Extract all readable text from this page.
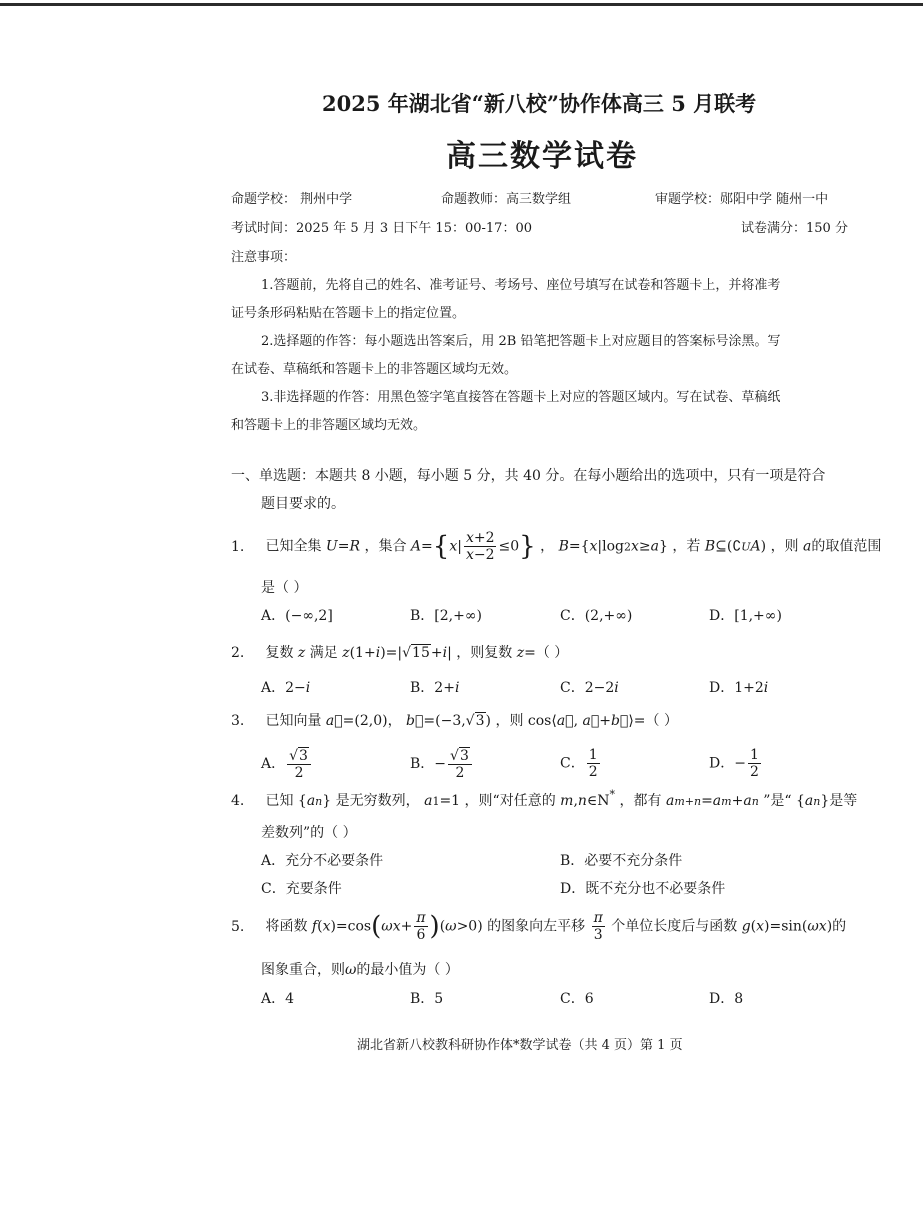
2025 年湖北省“新八校”协作体高三 5 月联考
高三数学试卷
命题学校： 荆州中学	命题教师：高三数学组	审题学校：郧阳中学 随州一中
考试时间：2025 年 5 月 3 日下午 15：00-17：00	试卷满分：150 分
注意事项：
1.答题前，先将自己的姓名、准考证号、考场号、座位号填写在试卷和答题卡上，并将准考
证号条形码粘贴在答题卡上的指定位置。
2.选择题的作答：每小题选出答案后，用 2B 铅笔把答题卡上对应题目的答案标号涂黑。写
在试卷、草稿纸和答题卡上的非答题区域均无效。
3.非选择题的作答：用黑色签字笔直接答在答题卡上对应的答题区域内。写在试卷、草稿纸
和答题卡上的非答题区域均无效。
一、单选题：本题共 8 小题，每小题 5 分，共 40 分。在每小题给出的选项中，只有一项是符合
题目要求的。
1. 已知全集 U=R ，集合 $A=\{x| \frac{x+2}{x-2} \le 0\}$ ， B={x|log2x≥a} ，若 B⊆(∁UA) ，则 a的取值范围
是（ ）
A．(−∞,2]	B．[2,+∞)	C．(2,+∞)	D．[1,+∞)
2. 复数 z 满足 z(1+i)=|√15+i| ，则复数 z=（ ）
A．2−i	B．2+i	C．2−2i	D．1+2i
3. 已知向量 a⃗=(2,0)， b⃗=(−3,√3) ，则 cos⟨a⃗, a⃗+b⃗⟩=（ ）
A． $\frac{√3}{2}$	B．− $\frac{√3}{2}$	C． $\frac{1}{2}$	D．− $\frac{1}{2}$
4. 已知 {an} 是无穷数列， a1=1 ，则“对任意的 m,n∈N* ，都有 am+n=am+an ”是“ {an}是等
差数列”的（ ）
A．充分不必要条件	B．必要不充分条件
C．充要条件	D．既不充分也不必要条件
5. 将函数 $f(x)=\cos(\omega x+ \frac{\pi}{6} )(\omega>0)$ 的图象向左平移 $\frac{\pi}{3}$ 个单位长度后与函数 g(x)=sin(ωx)的
图象重合，则ω的最小值为（ ）
A．4	B．5	C．6	D．8
湖北省新八校教科研协作体*数学试卷（共 4 页）第 1 页
